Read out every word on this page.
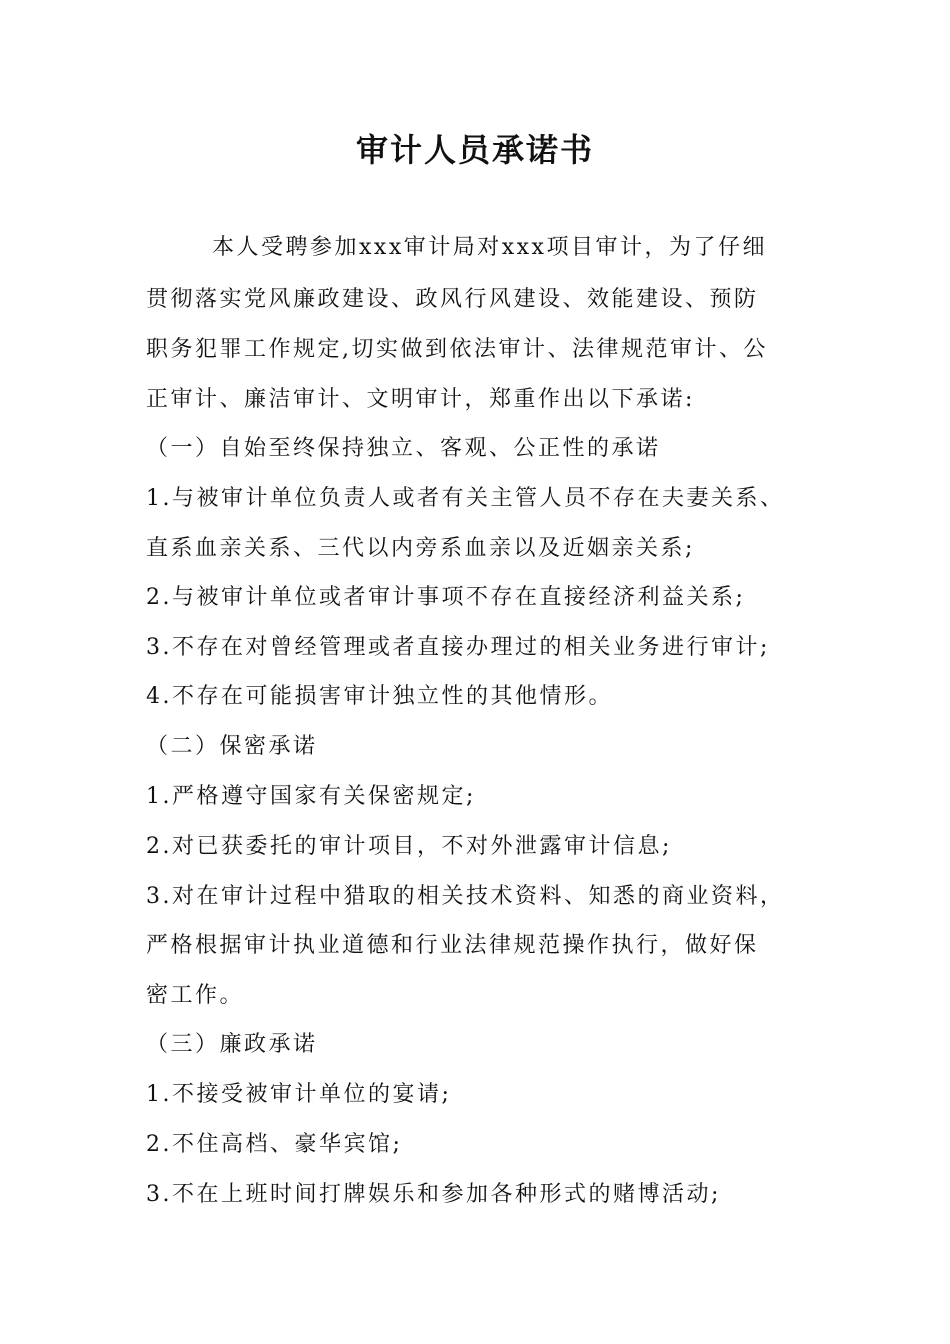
审计人员承诺书
本人受聘参加xxx审计局对xxx项目审计，为了仔细
贯彻落实党风廉政建设、政风行风建设、效能建设、预防
职务犯罪工作规定,切实做到依法审计、法律规范审计、公
正审计、廉洁审计、文明审计，郑重作出以下承诺:
（一）自始至终保持独立、客观、公正性的承诺
1.与被审计单位负责人或者有关主管人员不存在夫妻关系、
直系血亲关系、三代以内旁系血亲以及近姻亲关系;
2.与被审计单位或者审计事项不存在直接经济利益关系;
3.不存在对曾经管理或者直接办理过的相关业务进行审计;
4.不存在可能损害审计独立性的其他情形。
（二）保密承诺
1.严格遵守国家有关保密规定;
2.对已获委托的审计项目，不对外泄露审计信息;
3.对在审计过程中猎取的相关技术资料、知悉的商业资料，
严格根据审计执业道德和行业法律规范操作执行，做好保
密工作。
（三）廉政承诺
1.不接受被审计单位的宴请;
2.不住高档、豪华宾馆;
3.不在上班时间打牌娱乐和参加各种形式的赌博活动;
